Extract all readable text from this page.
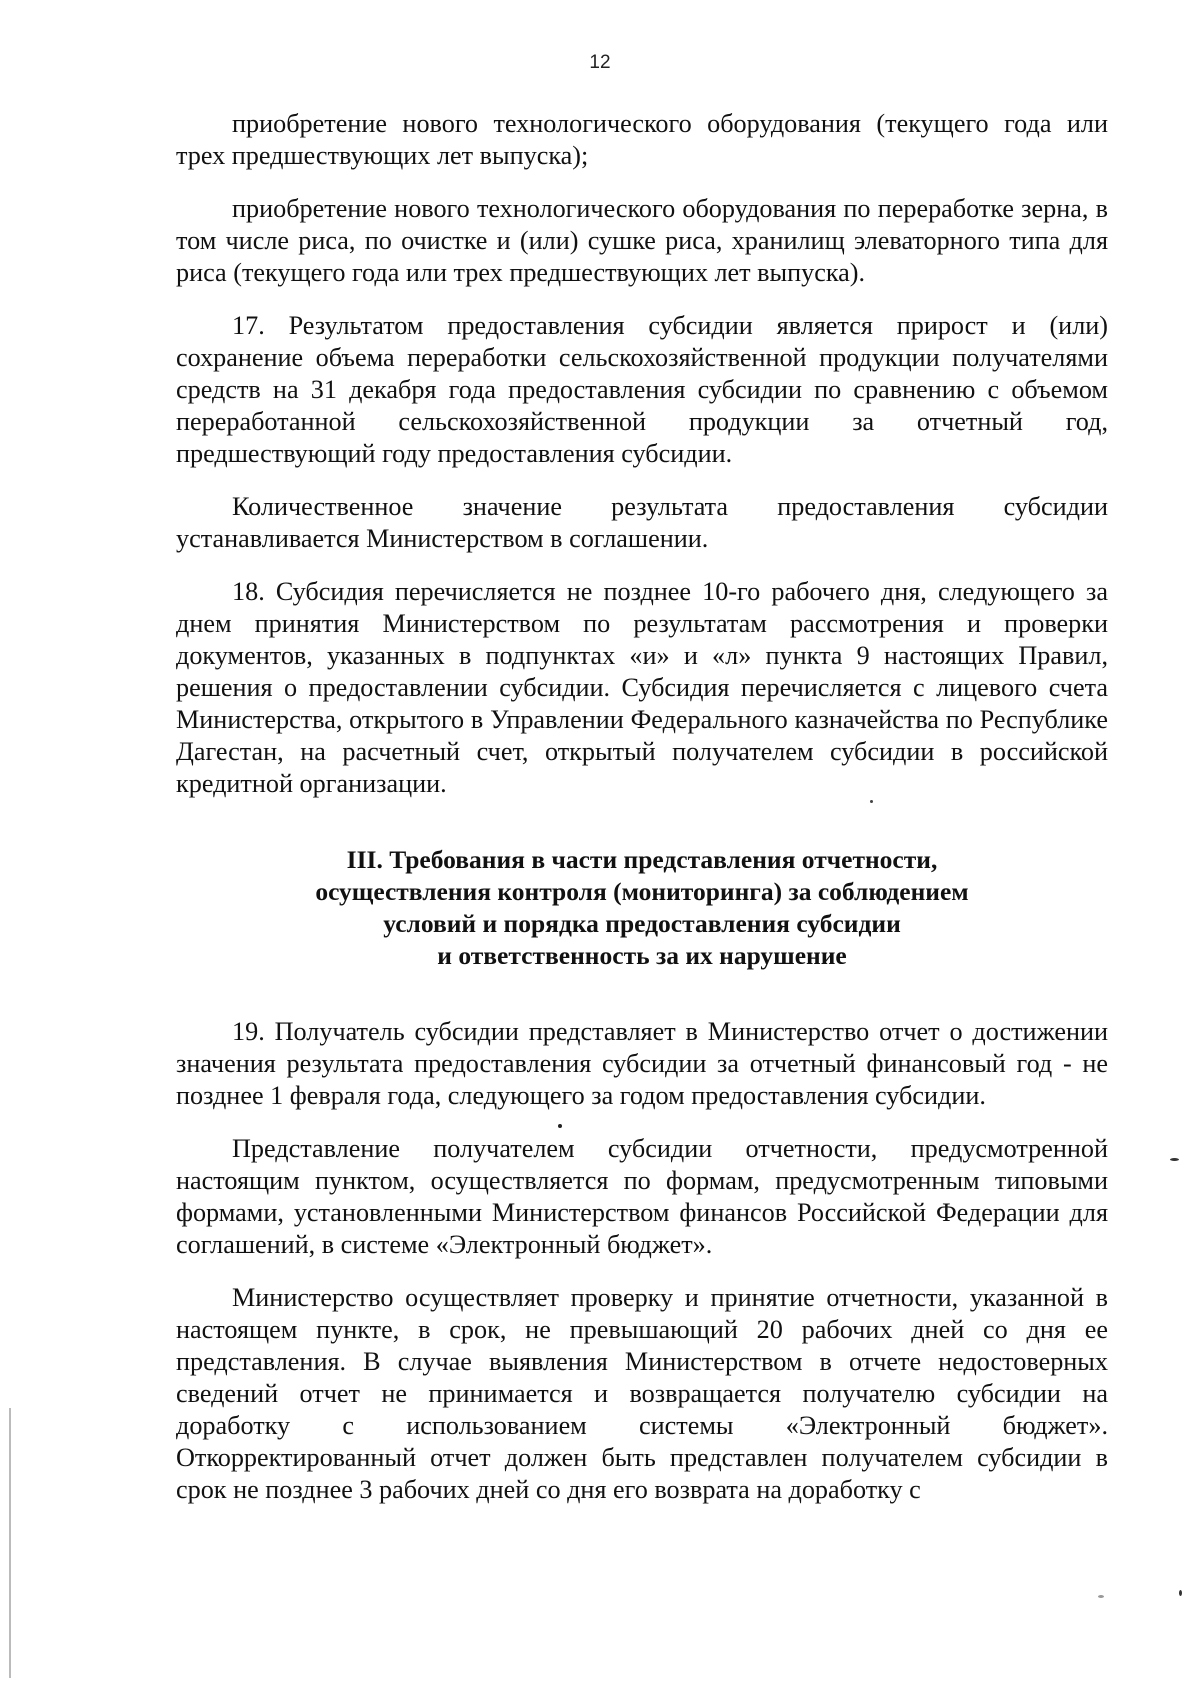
12

приобретение нового технологического оборудования (текущего года или трех предшествующих лет выпуска);

приобретение нового технологического оборудования по переработке зерна, в том числе риса, по очистке и (или) сушке риса, хранилищ элеваторного типа для риса (текущего года или трех предшествующих лет выпуска).

17. Результатом предоставления субсидии является прирост и (или) сохранение объема переработки сельскохозяйственной продукции получателями средств на 31 декабря года предоставления субсидии по сравнению с объемом переработанной сельскохозяйственной продукции за отчетный год, предшествующий году предоставления субсидии.

Количественное значение результата предоставления субсидии устанавливается Министерством в соглашении.

18. Субсидия перечисляется не позднее 10-го рабочего дня, следующего за днем принятия Министерством по результатам рассмотрения и проверки документов, указанных в подпунктах «и» и «л» пункта 9 настоящих Правил, решения о предоставлении субсидии. Субсидия перечисляется с лицевого счета Министерства, открытого в Управлении Федерального казначейства по Республике Дагестан, на расчетный счет, открытый получателем субсидии в российской кредитной организации.

III. Требования в части представления отчетности,
осуществления контроля (мониторинга) за соблюдением
условий и порядка предоставления субсидии
и ответственность за их нарушение

19. Получатель субсидии представляет в Министерство отчет о достижении значения результата предоставления субсидии за отчетный финансовый год - не позднее 1 февраля года, следующего за годом предоставления субсидии.

Представление получателем субсидии отчетности, предусмотренной настоящим пунктом, осуществляется по формам, предусмотренным типовыми формами, установленными Министерством финансов Российской Федерации для соглашений, в системе «Электронный бюджет».

Министерство осуществляет проверку и принятие отчетности, указанной в настоящем пункте, в срок, не превышающий 20 рабочих дней со дня ее представления. В случае выявления Министерством в отчете недостоверных сведений отчет не принимается и возвращается получателю субсидии на доработку с использованием системы «Электронный бюджет». Откорректированный отчет должен быть представлен получателем субсидии в срок не позднее 3 рабочих дней со дня его возврата на доработку с
